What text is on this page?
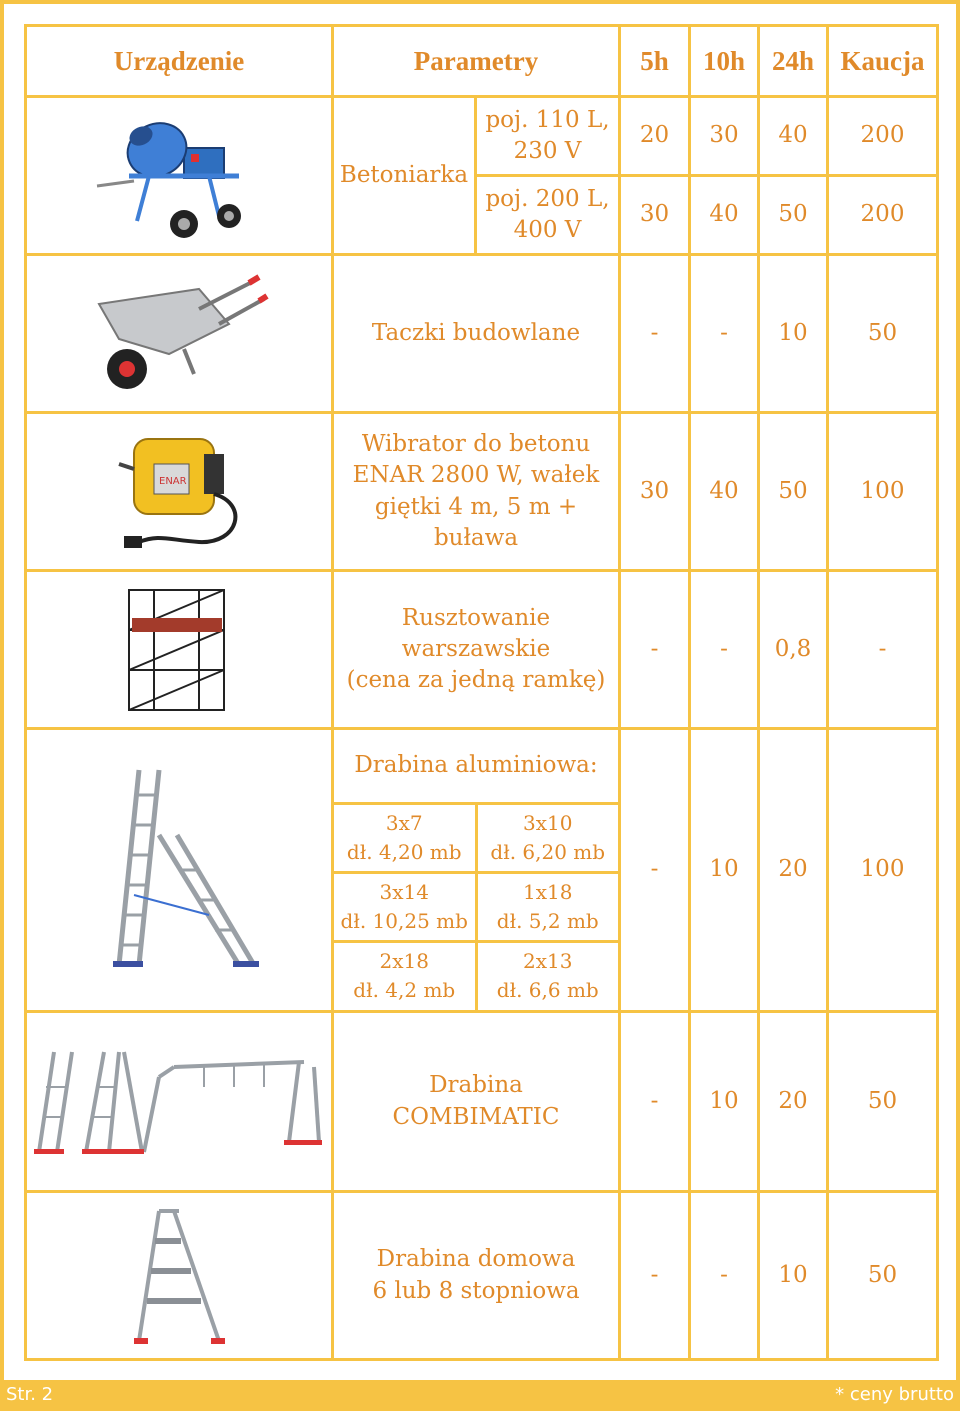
Urządzenie	Parametry	5h	10h	24h	Kaucja

	Betoniarka	poj. 110 L,
230 V	20	30	40	200
poj. 200 L,
400 V	30	40	50	200

	Taczki budowlane	-	-	10	50

ENAR
	Wibrator do betonu
ENAR 2800 W, wałek
giętki 4 m, 5 m + buława	30	40	50	100

	Rusztowanie
warszawskie
(cena za jedną ramkę)	-	-	0,8	-

Drabina aluminiowa:
3x7
dł. 4,20 mb	3x10
dł. 6,20 mb
3x14
dł. 10,25 mb	1x18
dł. 5,2 mb
2x18
dł. 4,2 mb	2x13
dł. 6,6 mb
	-	10	20	100

	Drabina
COMBIMATIC	-	10	20	50

	Drabina domowa
6 lub 8 stopniowa	-	-	10	50
Str. 2	* ceny brutto
